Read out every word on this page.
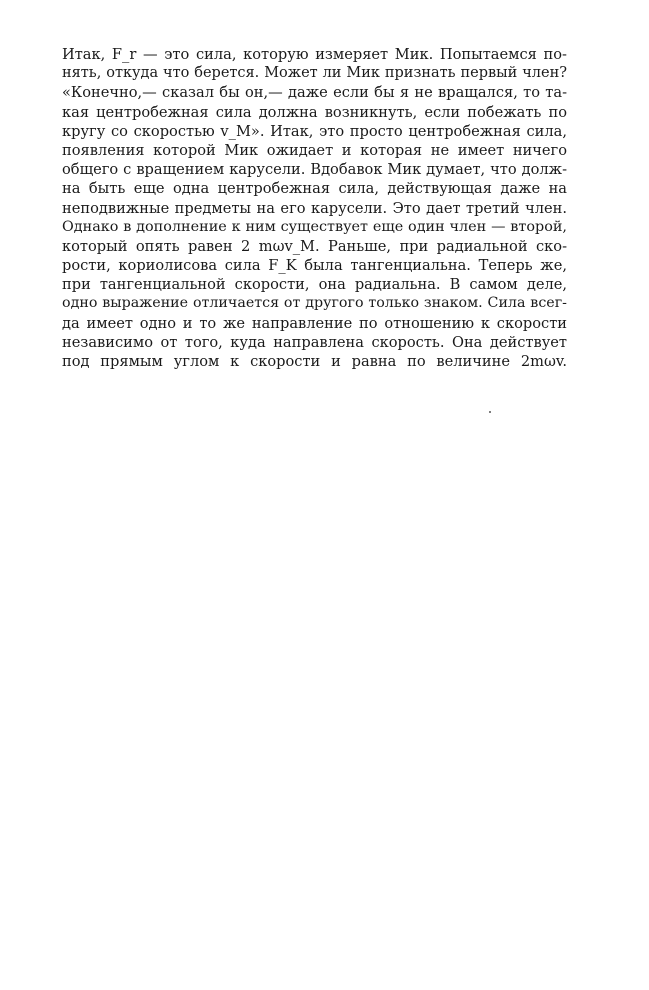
Итак, F_r — это сила, которую измеряет Мик. Попытаемся по-
нять, откуда что берется. Может ли Мик признать первый член?
«Конечно,— сказал бы он,— даже если бы я не вращался, то та-
кая центробежная сила должна возникнуть, если побежать по
кругу со скоростью v_M». Итак, это просто центробежная сила,
появления которой Мик ожидает и которая не имеет ничего
общего с вращением карусели. Вдобавок Мик думает, что долж-
на быть еще одна центробежная сила, действующая даже на
неподвижные предметы на его карусели. Это дает третий член.
Однако в дополнение к ним существует еще один член — второй,
который опять равен 2 mωv_M. Раньше, при радиальной ско-
рости, кориолисова сила F_K была тангенциальна. Теперь же,
при тангенциальной скорости, она радиальна. В самом деле,
одно выражение отличается от другого только знаком. Сила всег-
да имеет одно и то же направление по отношению к скорости
независимо от того, куда направлена скорость. Она действует
под прямым углом к скорости и равна по величине 2mωv.
